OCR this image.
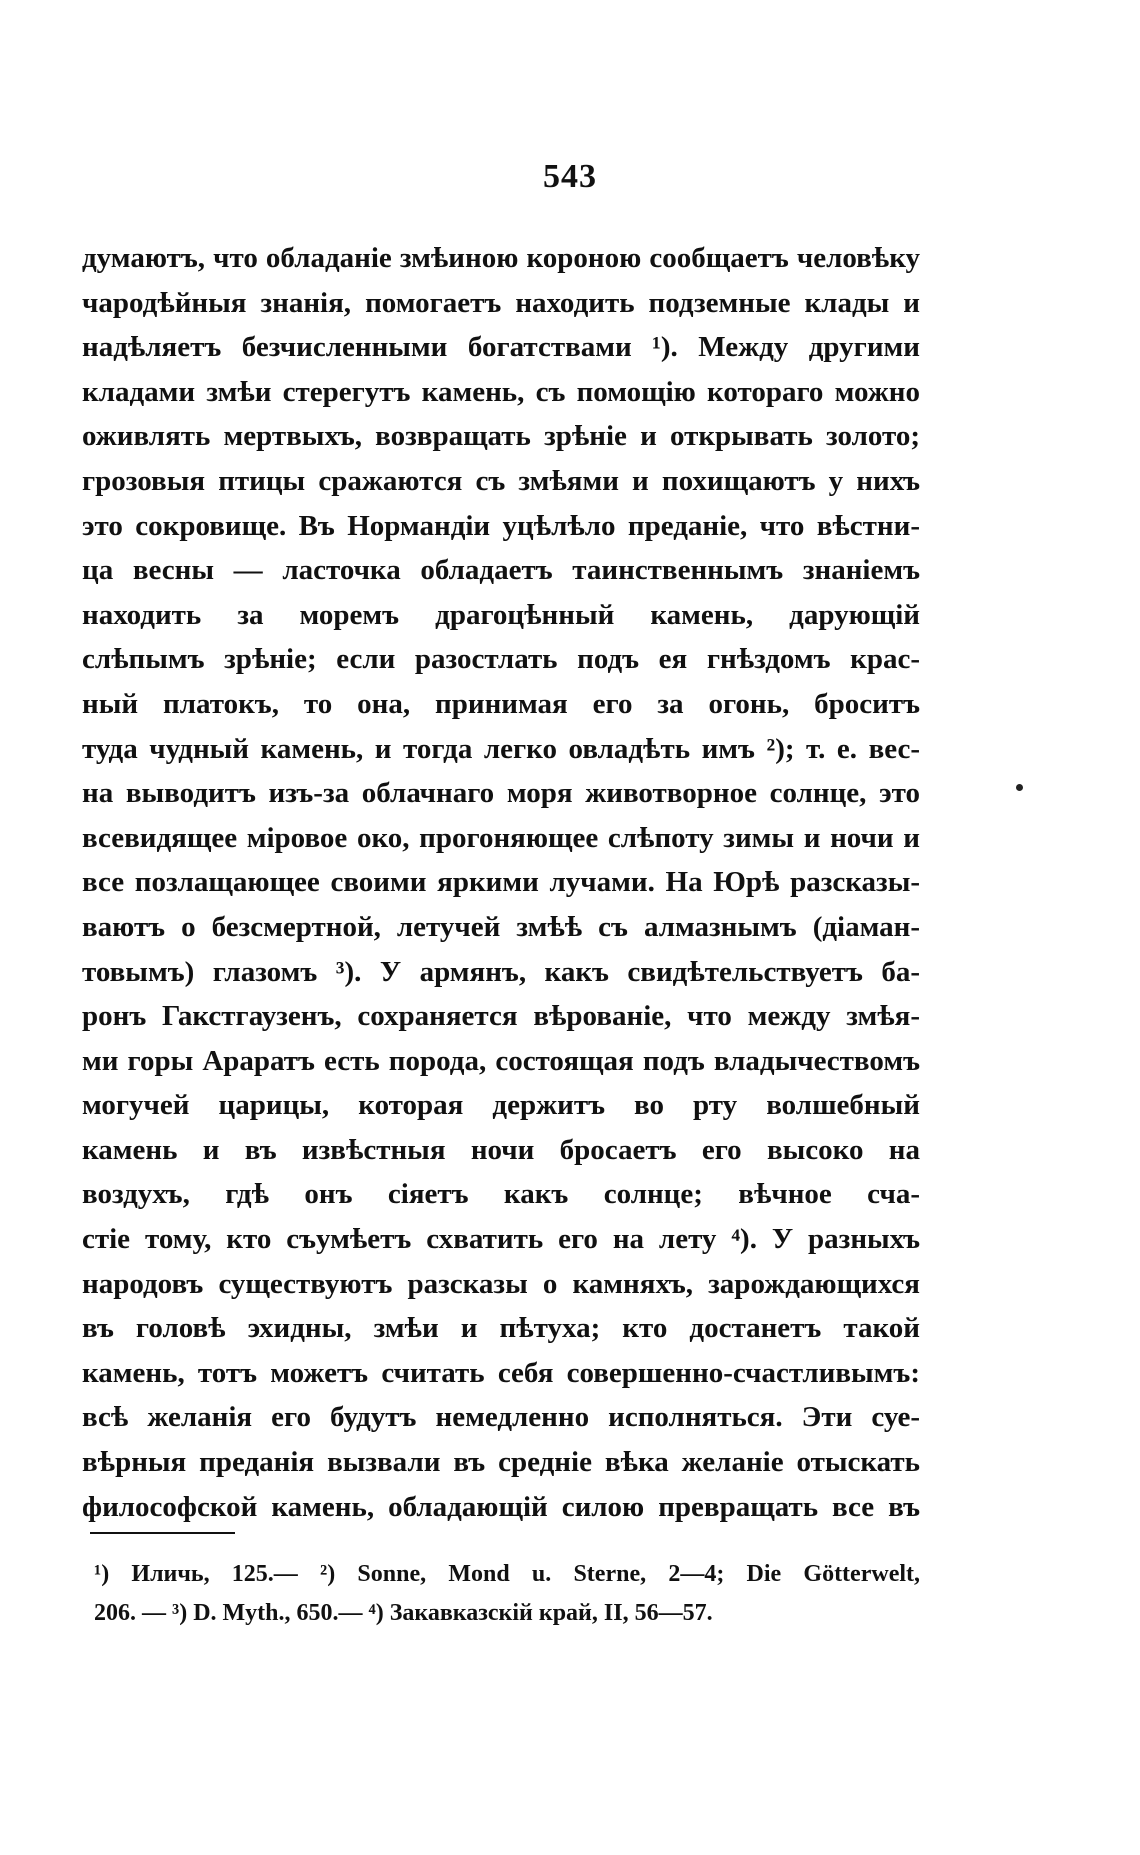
543
думаютъ, что обладаніе змѣиною короною сообщаетъ человѣку
чародѣйныя знанія, помогаетъ находить подземные клады и
надѣляетъ безчисленными богатствами ¹). Между другими
кладами змѣи стерегутъ камень, съ помощію котораго можно
оживлять мертвыхъ, возвращать зрѣніе и открывать золото;
грозовыя птицы сражаются съ змѣями и похищаютъ у нихъ
это сокровище. Въ Нормандіи уцѣлѣло преданіе, что вѣстни-
ца весны — ласточка обладаетъ таинственнымъ знаніемъ
находить за моремъ драгоцѣнный камень, дарующій
слѣпымъ зрѣніе; если разостлать подъ ея гнѣздомъ крас-
ный платокъ, то она, принимая его за огонь, броситъ
туда чудный камень, и тогда легко овладѣть имъ ²); т. е. вес-
на выводитъ изъ-за облачнаго моря животворное солнце, это
всевидящее міровое око, прогоняющее слѣпоту зимы и ночи и
все позлащающее своими яркими лучами. На Юрѣ разсказы-
ваютъ о безсмертной, летучей змѣѣ съ алмазнымъ (діаман-
товымъ) глазомъ ³). У армянъ, какъ свидѣтельствуетъ ба-
ронъ Гакстгаузенъ, сохраняется вѣрованіе, что между змѣя-
ми горы Араратъ есть порода, состоящая подъ владычествомъ
могучей царицы, которая держитъ во рту волшебный
камень и въ извѣстныя ночи бросаетъ его высоко на
воздухъ, гдѣ онъ сіяетъ какъ солнце; вѣчное сча-
стіе тому, кто съумѣетъ схватить его на лету ⁴). У разныхъ
народовъ существуютъ разсказы о камняхъ, зарождающихся
въ головѣ эхидны, змѣи и пѣтуха; кто достанетъ такой
камень, тотъ можетъ считать себя совершенно-счастливымъ:
всѣ желанія его будутъ немедленно исполняться. Эти суе-
вѣрныя преданія вызвали въ средніе вѣка желаніе отыскать
философской камень, обладающій силою превращать все въ
¹) Иличь, 125.— ²) Sonne, Mond u. Sterne, 2—4; Die Götterwelt,
206. — ³) D. Myth., 650.— ⁴) Закавказскій край, II, 56—57.
